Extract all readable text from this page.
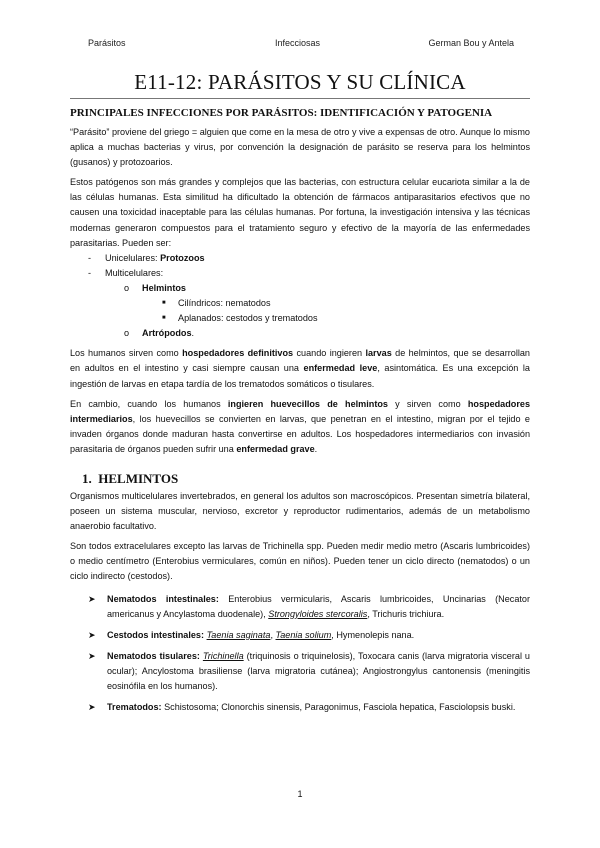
Parásitos	Infecciosas	German Bou y Antela
E11-12: PARÁSITOS Y SU CLÍNICA
PRINCIPALES INFECCIONES POR PARÁSITOS: IDENTIFICACIÓN Y PATOGENIA

“Parásito” proviene del griego = alguien que come en la mesa de otro y vive a expensas de otro. Aunque lo mismo aplica a muchas bacterias y virus, por convención la designación de parásito se reserva para los helmintos (gusanos) y protozoarios.

Estos patógenos son más grandes y complejos que las bacterias, con estructura celular eucariota similar a la de las células humanas. Esta similitud ha dificultado la obtención de fármacos antiparasitarios efectivos que no causen una toxicidad inaceptable para las células humanas. Por fortuna, la investigación intensiva y las técnicas modernas generaron compuestos para el tratamiento seguro y efectivo de la mayoría de las enfermedades parasitarias. Pueden ser:

- Unicelulares: Protozoos
- Multicelulares:
o Helmintos
■ Cilíndricos: nematodos
■ Aplanados: cestodos y trematodos
o Artrópodos.

Los humanos sirven como hospedadores definitivos cuando ingieren larvas de helmintos, que se desarrollan en adultos en el intestino y casi siempre causan una enfermedad leve, asintomática. Es una excepción la ingestión de larvas en etapa tardía de los trematodos somáticos o tisulares.

En cambio, cuando los humanos ingieren huevecillos de helmintos y sirven como hospedadores intermediarios, los huevecillos se convierten en larvas, que penetran en el intestino, migran por el tejido e invaden órganos donde maduran hasta convertirse en adultos. Los hospedadores intermediarios con invasión parasitaria de órganos pueden sufrir una enfermedad grave.

1. HELMINTOS

Organismos multicelulares invertebrados, en general los adultos son macroscópicos. Presentan simetría bilateral, poseen un sistema muscular, nervioso, excretor y reproductor rudimentarios, además de un metabolismo anaerobio facultativo.

Son todos extracelulares excepto las larvas de Trichinella spp. Pueden medir medio metro (Ascaris lumbricoides) o medio centímetro (Enterobius vermiculares, común en niños). Pueden tener un ciclo directo (nematodos) o un ciclo indirecto (cestodos).

➤ Nematodos intestinales: Enterobius vermicularis, Ascaris lumbricoides, Uncinarias (Necator americanus y Ancylastoma duodenale), Strongyloides stercoralis, Trichuris trichiura.
➤ Cestodos intestinales: Taenia saginata, Taenia solium, Hymenolepis nana.
➤ Nematodos tisulares: Trichinella (triquinosis o triquinelosis), Toxocara canis (larva migratoria visceral u ocular); Ancylostoma brasiliense (larva migratoria cutánea); Angiostrongylus cantonensis (meningitis eosinófila en los humanos).
➤ Trematodos: Schistosoma; Clonorchis sinensis, Paragonimus, Fasciola hepatica, Fasciolopsis buski.
1
